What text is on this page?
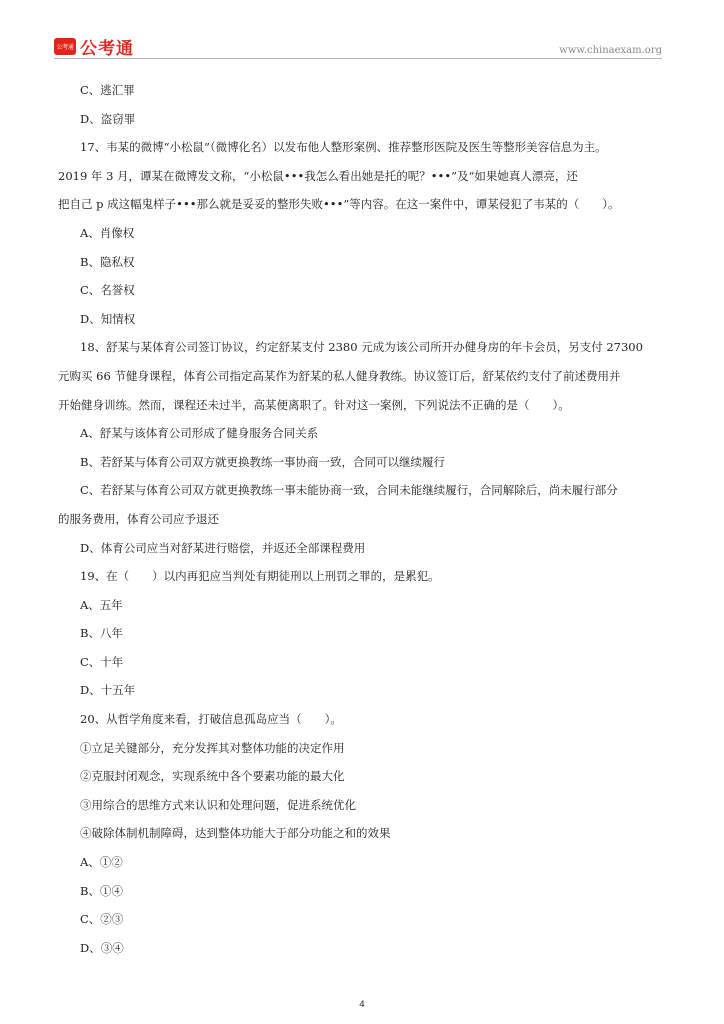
公考通 公考通	www.chinaexam.org
C、逃汇罪
D、盗窃罪
17、韦某的微博“小松鼠”（微博化名）以发布他人整形案例、推荐整形医院及医生等整形美容信息为主。
2019 年 3 月，谭某在微博发文称，“小松鼠•••我怎么看出她是托的呢？•••”及“如果她真人漂亮，还
把自己 p 成这幅鬼样子•••那么就是妥妥的整形失败•••”等内容。在这一案件中，谭某侵犯了韦某的（　　）。
A、肖像权
B、隐私权
C、名誉权
D、知情权
18、舒某与某体育公司签订协议，约定舒某支付 2380 元成为该公司所开办健身房的年卡会员，另支付 27300
元购买 66 节健身课程，体育公司指定高某作为舒某的私人健身教练。协议签订后，舒某依约支付了前述费用并
开始健身训练。然而，课程还未过半，高某便离职了。针对这一案例，下列说法不正确的是（　　）。
A、舒某与该体育公司形成了健身服务合同关系
B、若舒某与体育公司双方就更换教练一事协商一致，合同可以继续履行
C、若舒某与体育公司双方就更换教练一事未能协商一致，合同未能继续履行，合同解除后，尚未履行部分
的服务费用，体育公司应予退还
D、体育公司应当对舒某进行赔偿，并返还全部课程费用
19、在（　　）以内再犯应当判处有期徒刑以上刑罚之罪的，是累犯。
A、五年
B、八年
C、十年
D、十五年
20、从哲学角度来看，打破信息孤岛应当（　　）。
①立足关键部分，充分发挥其对整体功能的决定作用
②克服封闭观念，实现系统中各个要素功能的最大化
③用综合的思维方式来认识和处理问题，促进系统优化
④破除体制机制障碍，达到整体功能大于部分功能之和的效果
A、①②
B、①④
C、②③
D、③④
4
